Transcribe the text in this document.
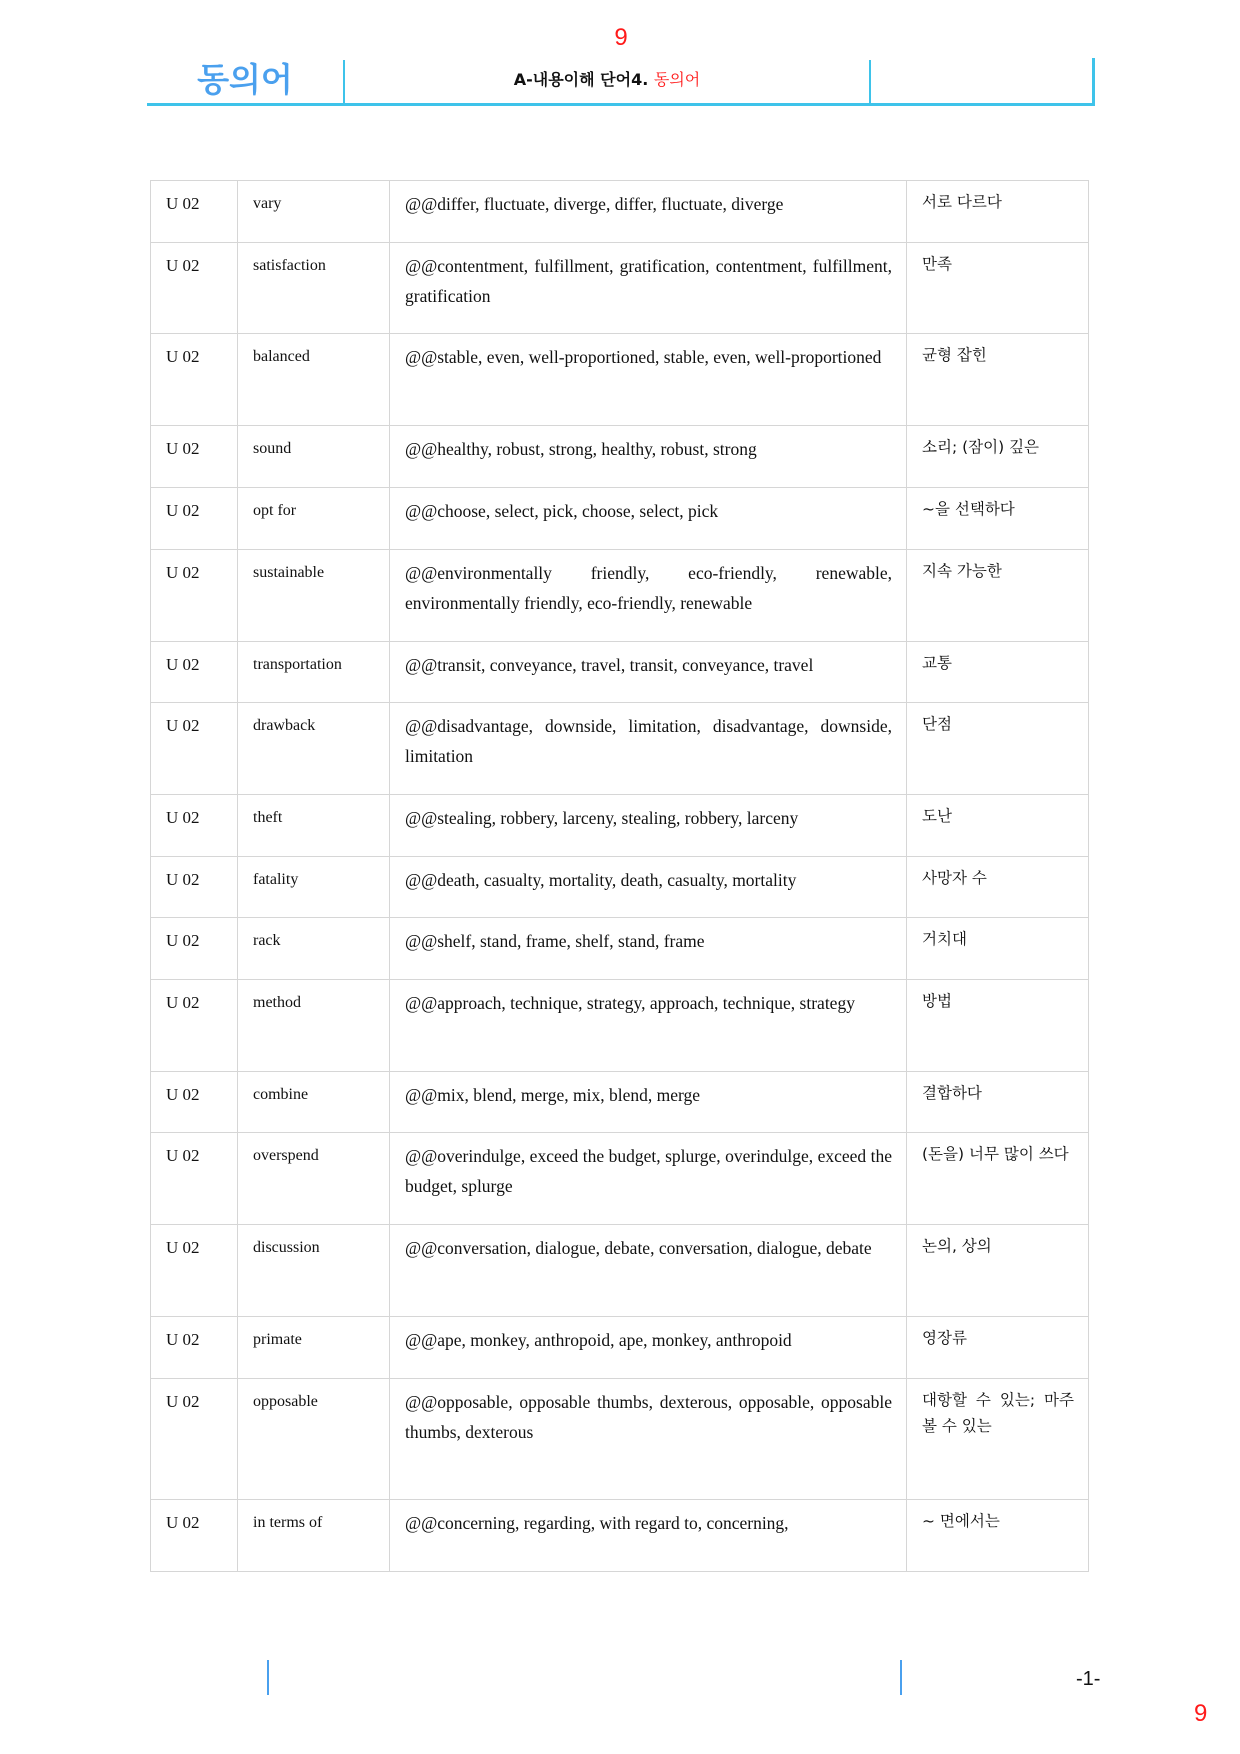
9
동의어	A-내용이해 단어4. 동의어
U 02	vary	@@differ, fluctuate, diverge, differ, fluctuate, diverge	서로 다르다

U 02	satisfaction	@@contentment, fulfillment, gratification, contentment, fulfillment, gratification	만족

U 02	balanced	@@stable, even, well-proportioned, stable, even, well-proportioned	균형 잡힌

U 02	sound	@@healthy, robust, strong, healthy, robust, strong	소리; (잠이) 깊은

U 02	opt for	@@choose, select, pick, choose, select, pick	~을 선택하다

U 02	sustainable	@@environmentally friendly, eco-friendly, renewable, environmentally friendly, eco-friendly, renewable	지속 가능한

U 02	transportation	@@transit, conveyance, travel, transit, conveyance, travel	교통

U 02	drawback	@@disadvantage, downside, limitation, disadvantage, downside, limitation	단점

U 02	theft	@@stealing, robbery, larceny, stealing, robbery, larceny	도난

U 02	fatality	@@death, casualty, mortality, death, casualty, mortality	사망자 수

U 02	rack	@@shelf, stand, frame, shelf, stand, frame	거치대

U 02	method	@@approach, technique, strategy, approach, technique, strategy	방법

U 02	combine	@@mix, blend, merge, mix, blend, merge	결합하다

U 02	overspend	@@overindulge, exceed the budget, splurge, overindulge, exceed the budget, splurge	(돈을) 너무 많이 쓰다

U 02	discussion	@@conversation, dialogue, debate, conversation, dialogue, debate	논의, 상의

U 02	primate	@@ape, monkey, anthropoid, ape, monkey, anthropoid	영장류

U 02	opposable	@@opposable, opposable thumbs, dexterous, opposable, opposable thumbs, dexterous	대항할 수 있는; 마주볼 수 있는

U 02	in terms of	@@concerning, regarding, with regard to, concerning,	~ 면에서는
-1-
9
